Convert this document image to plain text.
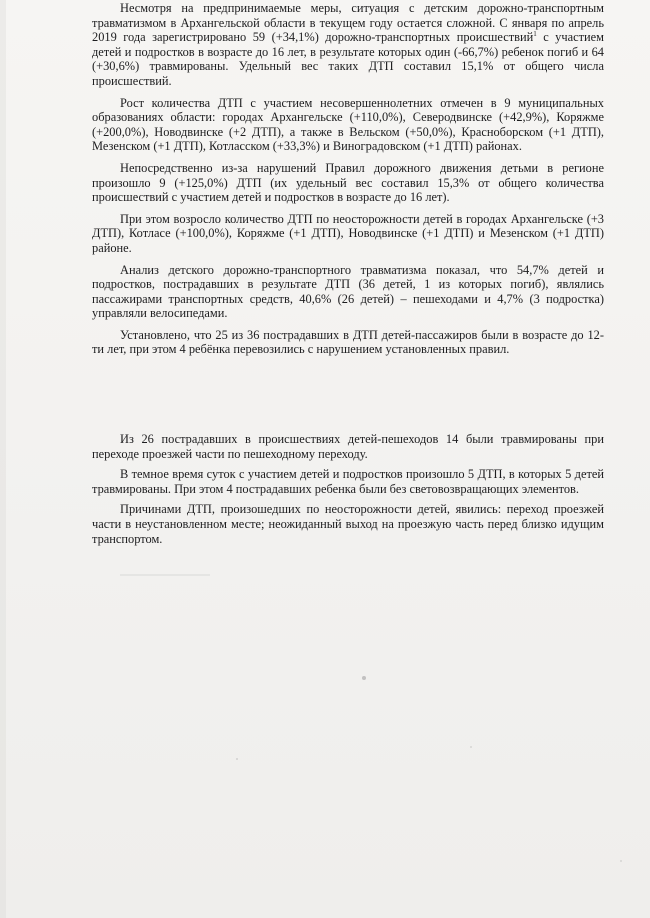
Несмотря на предпринимаемые меры, ситуация с детским дорожно-транспортным травматизмом в Архангельской области в текущем году остается сложной. С января по апрель 2019 года зарегистрировано 59 (+34,1%) дорожно-транспортных происшествий$^1$ с участием детей и подростков в возрасте до 16 лет, в результате которых один (-66,7%) ребенок погиб и 64 (+30,6%) травмированы. Удельный вес таких ДТП составил 15,1% от общего числа происшествий.

Рост количества ДТП с участием несовершеннолетних отмечен в 9 муниципальных образованиях области: городах Архангельске (+110,0%), Северодвинске (+42,9%), Коряжме (+200,0%), Новодвинске (+2 ДТП), а также в Вельском (+50,0%), Красноборском (+1 ДТП), Мезенском (+1 ДТП), Котласском (+33,3%) и Виноградовском (+1 ДТП) районах.

Непосредственно из-за нарушений Правил дорожного движения детьми в регионе произошло 9 (+125,0%) ДТП (их удельный вес составил 15,3% от общего количества происшествий с участием детей и подростков в возрасте до 16 лет).

При этом возросло количество ДТП по неосторожности детей в городах Архангельске (+3 ДТП), Котласе (+100,0%), Коряжме (+1 ДТП), Новодвинске (+1 ДТП) и Мезенском (+1 ДТП) районе.

Анализ детского дорожно-транспортного травматизма показал, что 54,7% детей и подростков, пострадавших в результате ДТП (36 детей, 1 из которых погиб), являлись пассажирами транспортных средств, 40,6% (26 детей) – пешеходами и 4,7% (3 подростка) управляли велосипедами.

Установлено, что 25 из 36 пострадавших в ДТП детей-пассажиров были в возрасте до 12-ти лет, при этом 4 ребёнка перевозились с нарушением установленных правил.

Из 26 пострадавших в происшествиях детей-пешеходов 14 были травмированы при переходе проезжей части по пешеходному переходу.

В темное время суток с участием детей и подростков произошло 5 ДТП, в которых 5 детей травмированы. При этом 4 пострадавших ребенка были без световозвращающих элементов.

Причинами ДТП, произошедших по неосторожности детей, явились: переход проезжей части в неустановленном месте; неожиданный выход на проезжую часть перед близко идущим транспортом.
